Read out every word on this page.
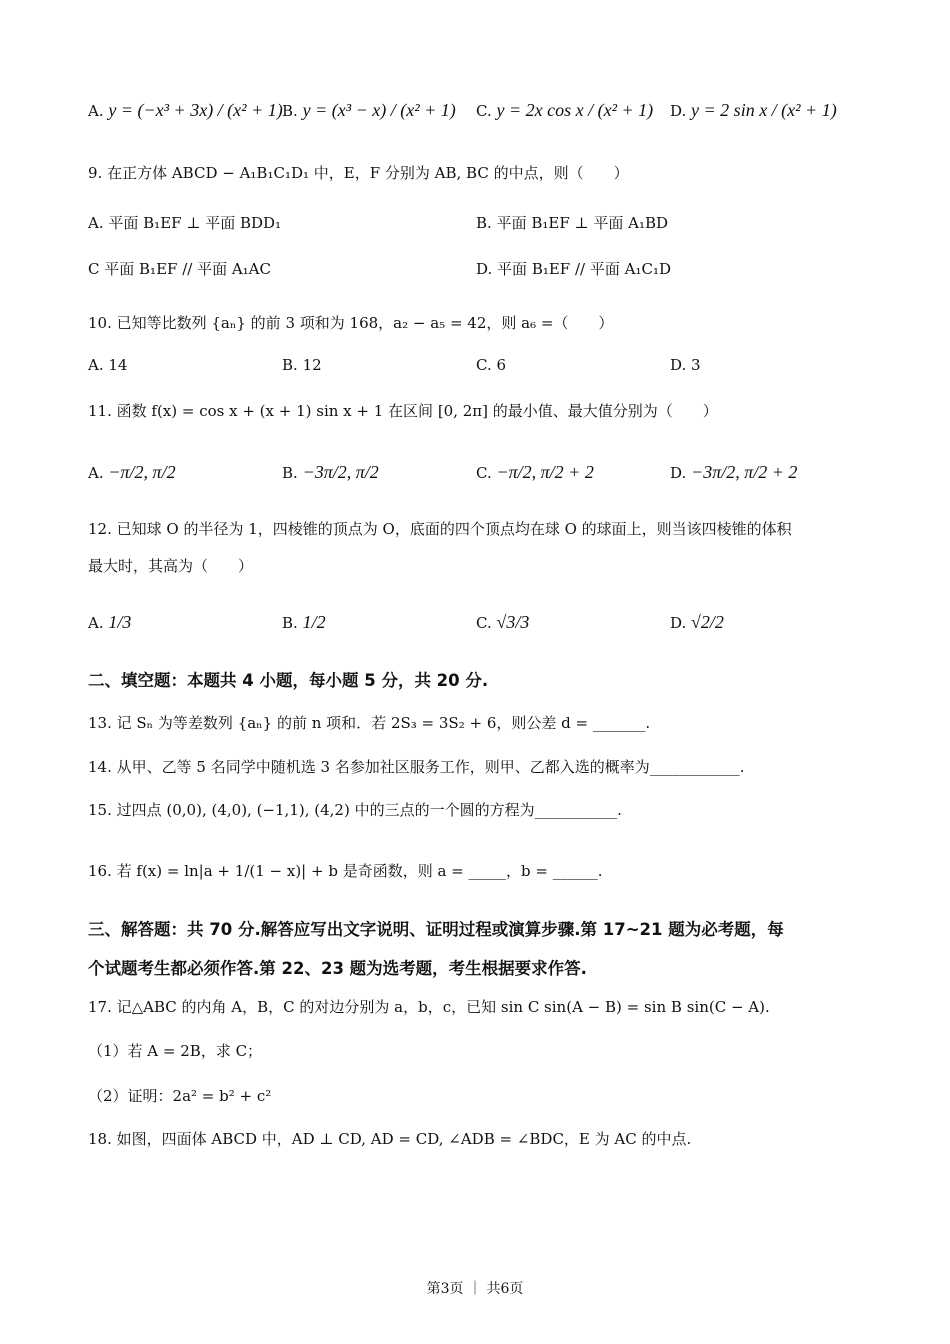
A. y = (−x³ + 3x) / (x² + 1) B. y = (x³ − x) / (x² + 1) C. y = 2x cos x / (x² + 1) D. y = 2 sin x / (x² + 1)
9. 在正方体 ABCD − A₁B₁C₁D₁ 中，E，F 分别为 AB, BC 的中点，则（　　）
A. 平面 B₁EF ⊥ 平面 BDD₁	B. 平面 B₁EF ⊥ 平面 A₁BD
C 平面 B₁EF // 平面 A₁AC	D. 平面 B₁EF // 平面 A₁C₁D
10. 已知等比数列 {aₙ} 的前 3 项和为 168，a₂ − a₅ = 42，则 a₆ =（　　）
A. 14	B. 12	C. 6	D. 3
11. 函数 f(x) = cos x + (x + 1) sin x + 1 在区间 [0, 2π] 的最小值、最大值分别为（　　）
A. −π/2, π/2	B. −3π/2, π/2	C. −π/2, π/2 + 2	D. −3π/2, π/2 + 2
12. 已知球 O 的半径为 1，四棱锥的顶点为 O，底面的四个顶点均在球 O 的球面上，则当该四棱锥的体积
最大时，其高为（　　）
A. 1/3	B. 1/2	C. √3/3	D. √2/2
二、填空题：本题共 4 小题，每小题 5 分，共 20 分.
13. 记 Sₙ 为等差数列 {aₙ} 的前 n 项和．若 2S₃ = 3S₂ + 6，则公差 d = _______.
14. 从甲、乙等 5 名同学中随机选 3 名参加社区服务工作，则甲、乙都入选的概率为____________.
15. 过四点 (0,0), (4,0), (−1,1), (4,2) 中的三点的一个圆的方程为___________.
16. 若 f(x) = ln|a + 1/(1 − x)| + b 是奇函数，则 a = _____，b = ______.
三、解答题：共 70 分.解答应写出文字说明、证明过程或演算步骤.第 17~21 题为必考题，每
个试题考生都必须作答.第 22、23 题为选考题，考生根据要求作答.
17. 记△ABC 的内角 A，B，C 的对边分别为 a，b，c，已知 sin C sin(A − B) = sin B sin(C − A).
（1）若 A = 2B，求 C；
（2）证明：2a² = b² + c²
18. 如图，四面体 ABCD 中，AD ⊥ CD, AD = CD, ∠ADB = ∠BDC，E 为 AC 的中点.
第3页 ｜ 共6页
